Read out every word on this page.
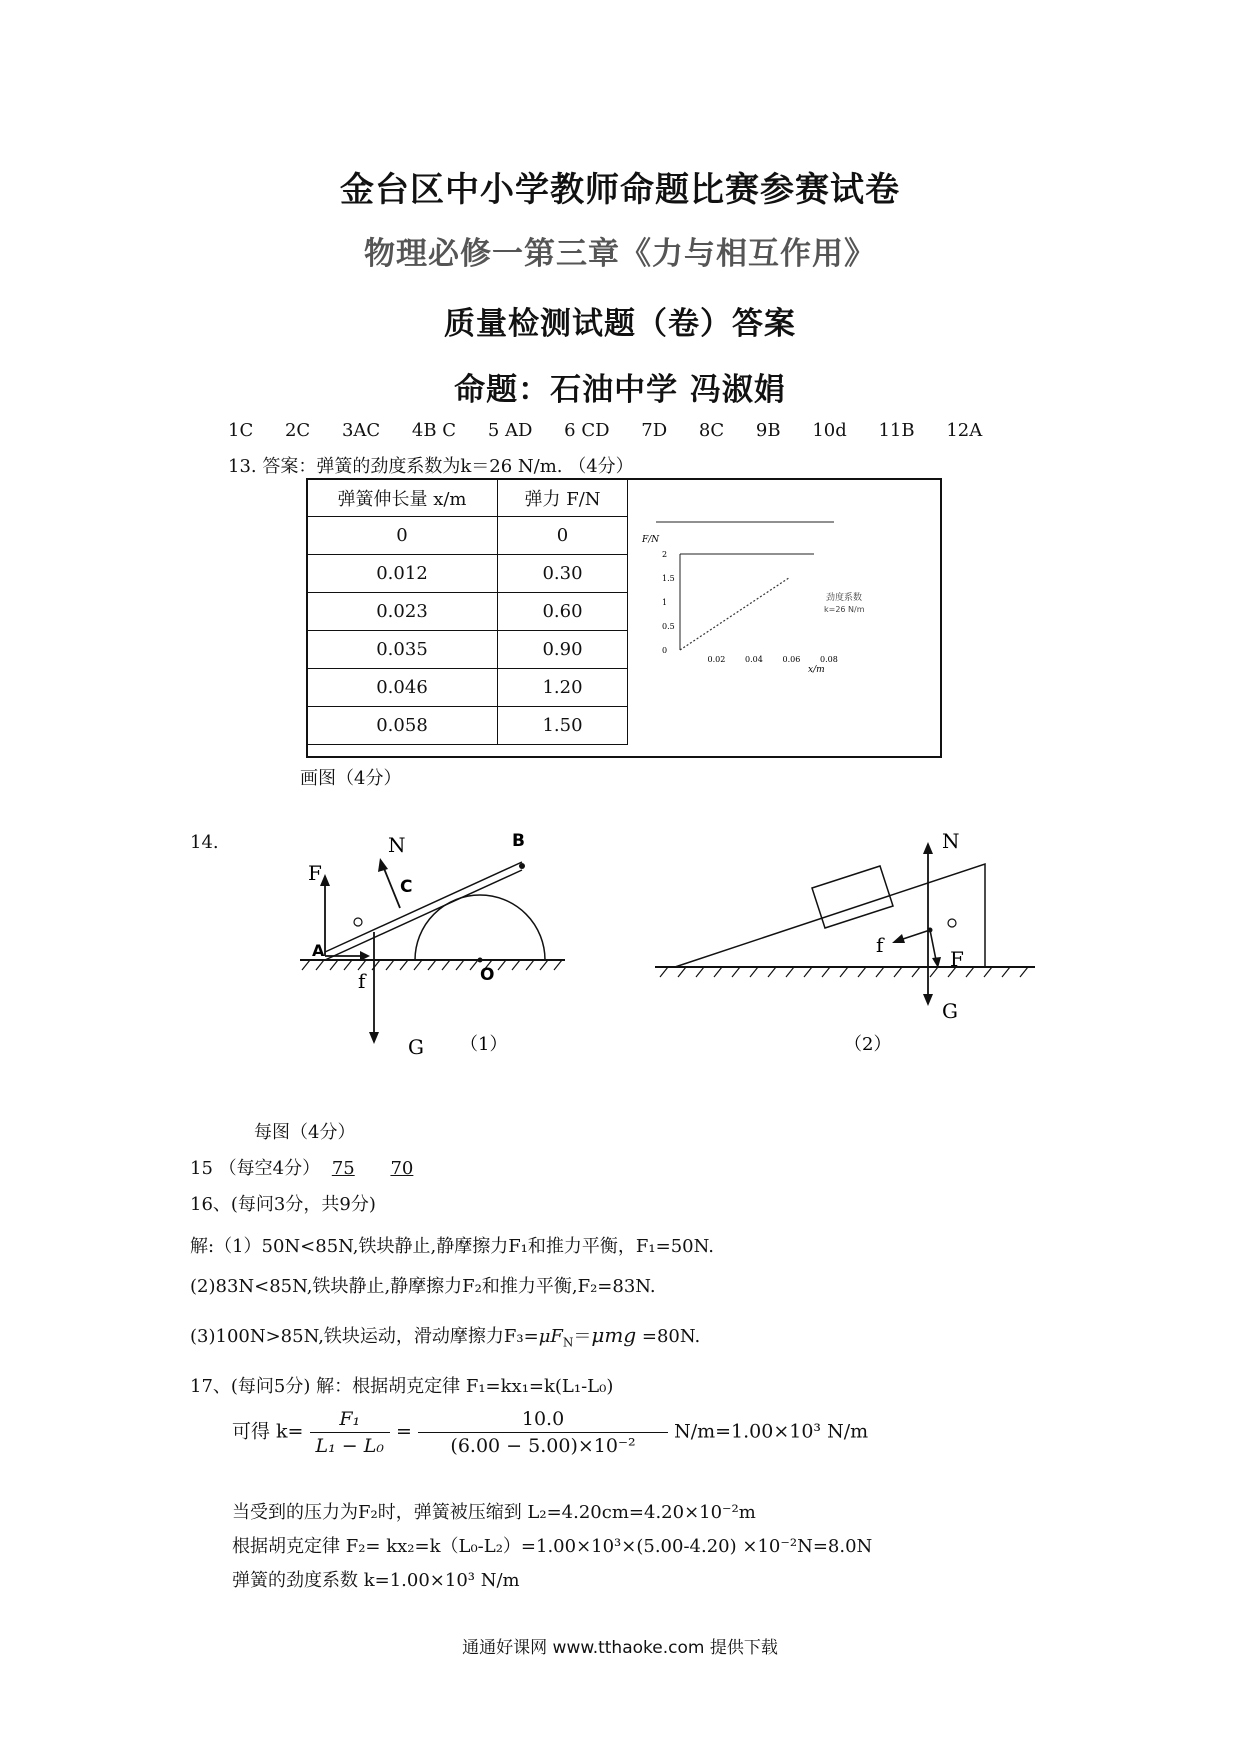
金台区中小学教师命题比赛参赛试卷
物理必修一第三章《力与相互作用》
质量检测试题（卷）答案
命题：石油中学 冯淑娟
1C 2C 3AC 4B C 5 AD 6 CD 7D 8C 9B 10d 11B 12A
13. 答案：弹簧的劲度系数为k＝26 N/m. （4分）
弹簧伸长量 x/m	弹力 F/N
0	0
0.012	0.30
0.023	0.60
0.035	0.90
0.046	1.20
0.058	1.50
F/N
2
1.5
1
0.5
0
0.02 0.04 0.06 0.08
劲度系数
k=26 N/m
x/m
画图（4分）
14.	N	B
C
F
A
f	O
G （1）
N
f
F
G
（2）
每图（4分）
15 （每空4分） 75 70
16、(每问3分，共9分)
解:（1）50N<85N,铁块静止,静摩擦力F₁和推力平衡，F₁=50N.
(2)83N<85N,铁块静止,静摩擦力F₂和推力平衡,F₂=83N.
(3)100N>85N,铁块运动，滑动摩擦力$F_3=\mu F_N=\mu mg =80N$.
17、(每问5分) 解：根据胡克定律 F₁=kx₁=k(L₁-L₀)
可得 $k= \frac{\text{F₁}}{\text{L₁ − L₀}} = \frac{10.0}{\text{(6.00 − 5.00)×10⁻²}} N/m=1.00\times 10^3$ N/m
当受到的压力为F₂时，弹簧被压缩到 L₂=4.20cm=4.20×10⁻²m
根据胡克定律 F₂= kx₂=k（L₀-L₂）=1.00×10³×(5.00-4.20) ×10⁻²N=8.0N
弹簧的劲度系数 k=1.00×10³ N/m
通通好课网 www.tthaoke.com 提供下载
